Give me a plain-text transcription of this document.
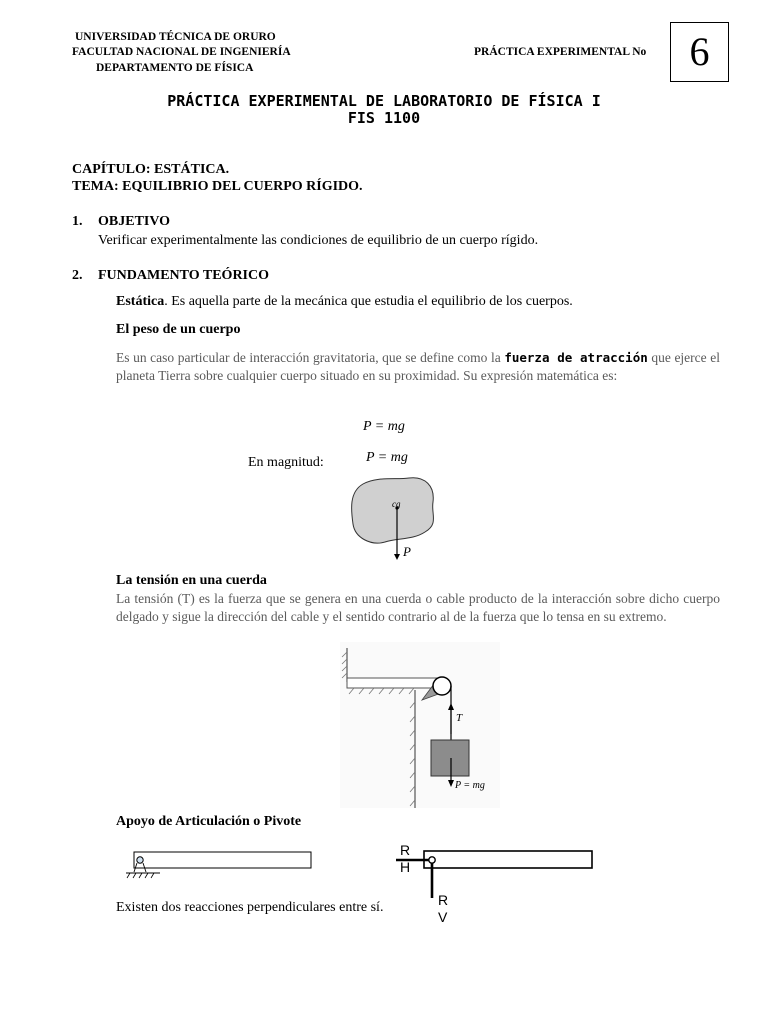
UNIVERSIDAD TÉCNICA DE ORURO
FACULTAD NACIONAL DE INGENIERÍA
DEPARTAMENTO DE FÍSICA
PRÁCTICA EXPERIMENTAL No	6
PRÁCTICA EXPERIMENTAL DE LABORATORIO DE FÍSICA I
FIS 1100
CAPÍTULO: ESTÁTICA.
TEMA: EQUILIBRIO DEL CUERPO RÍGIDO.
1. OBJETIVO
Verificar experimentalmente las condiciones de equilibrio de un cuerpo rígido.
2. FUNDAMENTO TEÓRICO
Estática. Es aquella parte de la mecánica que estudia el equilibrio de los cuerpos.
El peso de un cuerpo
Es un caso particular de interacción gravitatoria, que se define como la fuerza de atracción que ejerce el planeta Tierra sobre cualquier cuerpo situado en su proximidad. Su expresión matemática es:
P = mg
En magnitud:	P = mg
cg
P⃗
La tensión en una cuerda
La tensión (T) es la fuerza que se genera en una cuerda o cable producto de la interacción sobre dicho cuerpo delgado y sigue la dirección del cable y el sentido contrario al de la fuerza que lo tensa en su extremo.
T
P = mg
Apoyo de Articulación o Pivote
R
H
R
V
Existen dos reacciones perpendiculares entre sí.
